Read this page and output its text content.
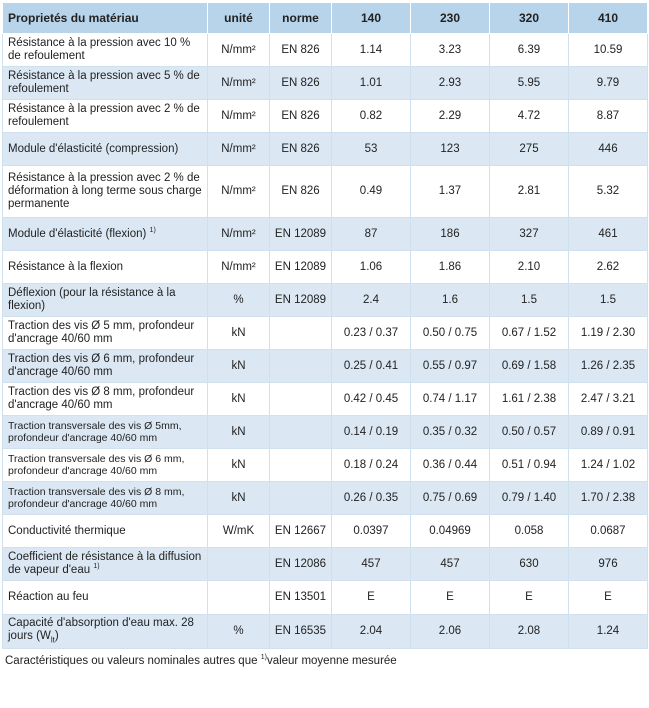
Proprietés du matériau	unité	norme	140	230	320	410
Résistance à la pression avec 10 % de refoulement	N/mm²	EN 826	1.14	3.23	6.39	10.59
Résistance à la pression avec 5 % de refoulement	N/mm²	EN 826	1.01	2.93	5.95	9.79
Résistance à la pression avec 2 % de refoulement	N/mm²	EN 826	0.82	2.29	4.72	8.87
Module d'élasticité (compression)	N/mm²	EN 826	53	123	275	446
Résistance à la pression avec 2 % de déformation à long terme sous charge permanente	N/mm²	EN 826	0.49	1.37	2.81	5.32
Module d'élasticité (flexion) $^{1)}$	N/mm²	EN 12089	87	186	327	461
Résistance à la flexion	N/mm²	EN 12089	1.06	1.86	2.10	2.62
Déflexion (pour la résistance à la flexion)	%	EN 12089	2.4	1.6	1.5	1.5
Traction des vis Ø 5 mm, profondeur d'ancrage 40/60 mm	kN		0.23 / 0.37	0.50 / 0.75	0.67 / 1.52	1.19 / 2.30
Traction des vis Ø 6 mm, profondeur d'ancrage 40/60 mm	kN		0.25 / 0.41	0.55 / 0.97	0.69 / 1.58	1.26 / 2.35
Traction des vis Ø 8 mm, profondeur d'ancrage 40/60 mm	kN		0.42 / 0.45	0.74 / 1.17	1.61 / 2.38	2.47 / 3.21
Traction transversale des vis Ø 5mm, profondeur d'ancrage 40/60 mm	kN		0.14 / 0.19	0.35 / 0.32	0.50 / 0.57	0.89 / 0.91
Traction transversale des vis Ø 6 mm, profondeur d'ancrage 40/60 mm	kN		0.18 / 0.24	0.36 / 0.44	0.51 / 0.94	1.24 / 1.02
Traction transversale des vis Ø 8 mm, profondeur d'ancrage 40/60 mm	kN		0.26 / 0.35	0.75 / 0.69	0.79 / 1.40	1.70 / 2.38
Conductivité thermique	W/mK	EN 12667	0.0397	0.04969	0.058	0.0687
Coefficient de résistance à la diffusion de vapeur d'eau $^{1)}$		EN 12086	457	457	630	976
Réaction au feu		EN 13501	E	E	E	E
Capacité d'absorption d'eau max. 28 jours $(W_{lt})$	%	EN 16535	2.04	2.06	2.08	1.24
Caractéristiques ou valeurs nominales autres que $^{1)}$valeur moyenne mesurée
